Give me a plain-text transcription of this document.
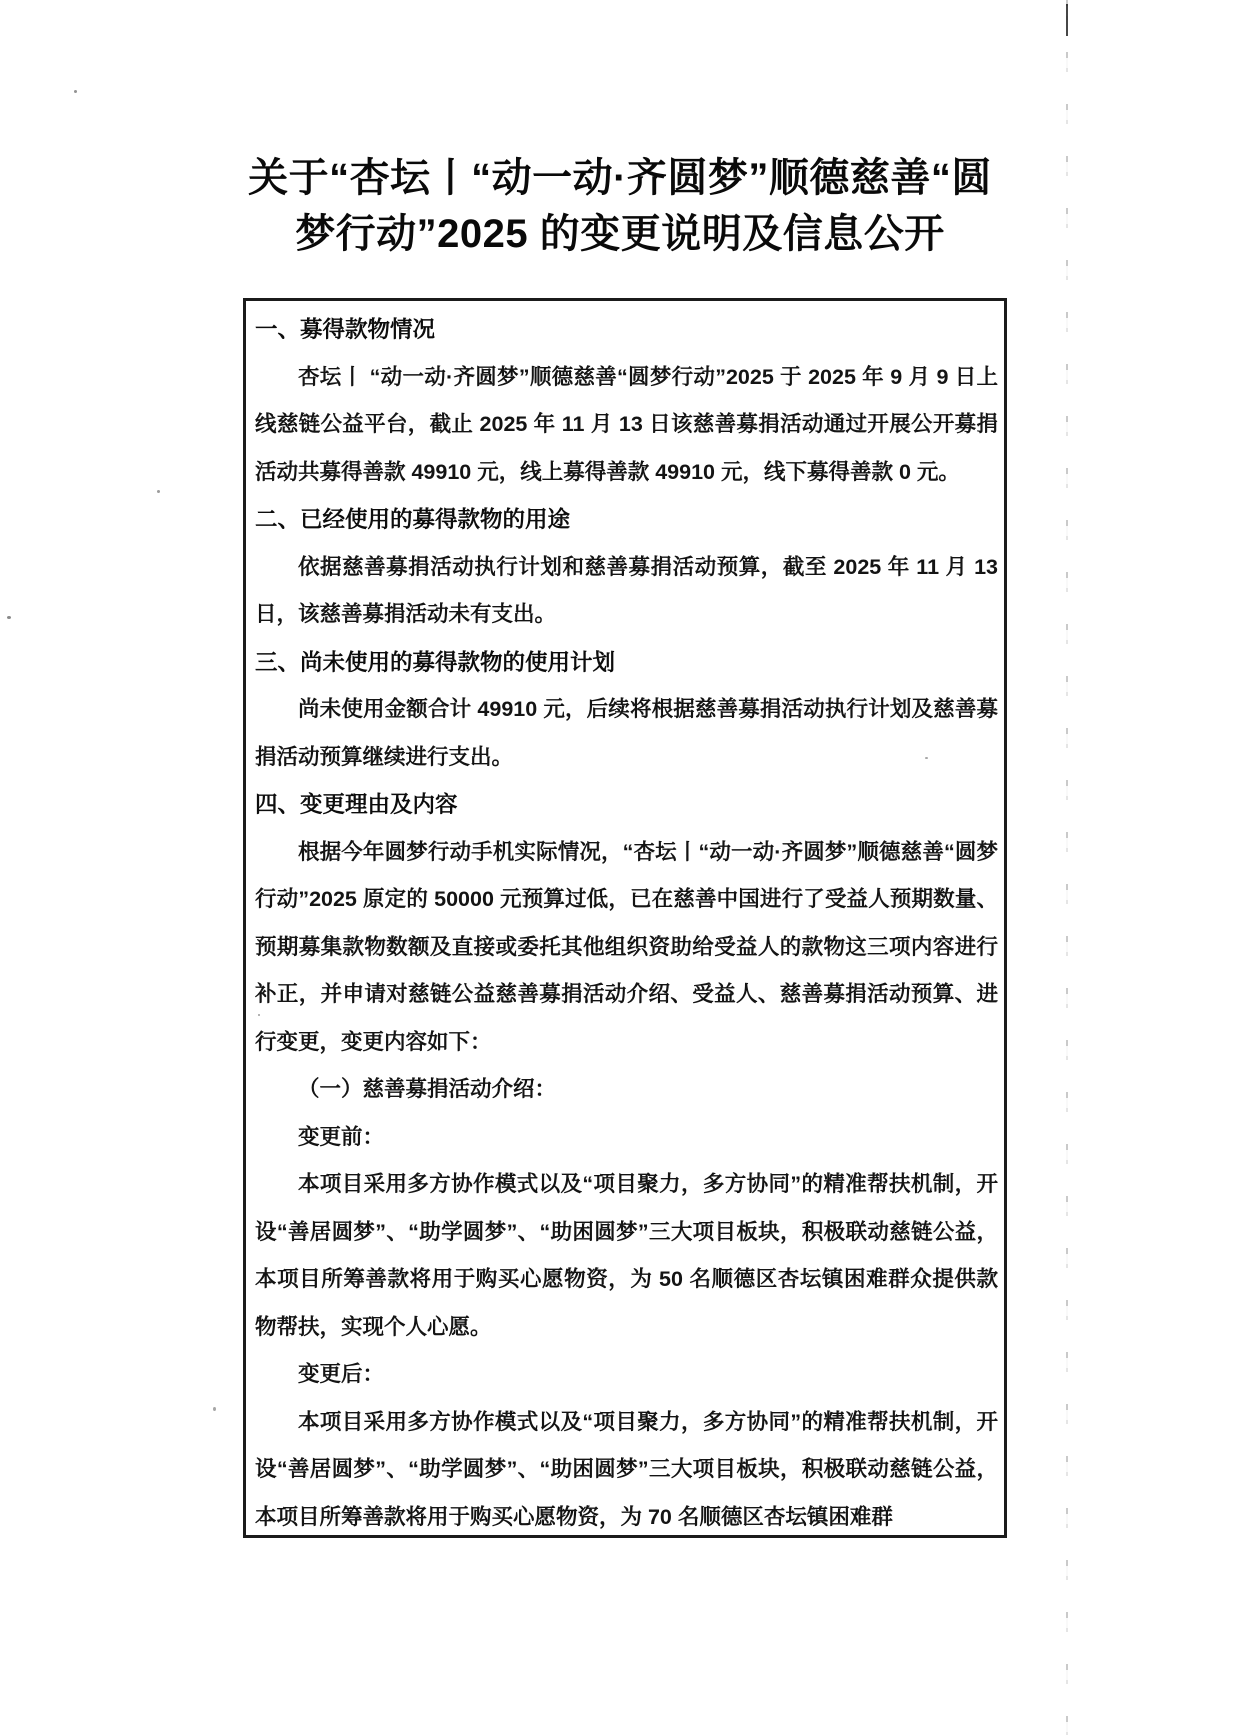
关于“杏坛丨“动一动·齐圆梦”顺德慈善“圆
梦行动”2025 的变更说明及信息公开
一、募得款物情况

杏坛丨 “动一动·齐圆梦”顺德慈善“圆梦行动”2025 于 2025 年 9 月 9 日上线慈链公益平台，截止 2025 年 11 月 13 日该慈善募捐活动通过开展公开募捐活动共募得善款 49910 元，线上募得善款 49910 元，线下募得善款 0 元。

二、已经使用的募得款物的用途

依据慈善募捐活动执行计划和慈善募捐活动预算，截至 2025 年 11 月 13 日，该慈善募捐活动未有支出。

三、尚未使用的募得款物的使用计划

尚未使用金额合计 49910 元，后续将根据慈善募捐活动执行计划及慈善募捐活动预算继续进行支出。

四、变更理由及内容

根据今年圆梦行动手机实际情况，“杏坛丨“动一动·齐圆梦”顺德慈善“圆梦行动”2025 原定的 50000 元预算过低，已在慈善中国进行了受益人预期数量、预期募集款物数额及直接或委托其他组织资助给受益人的款物这三项内容进行补正，并申请对慈链公益慈善募捐活动介绍、受益人、慈善募捐活动预算、进行变更，变更内容如下：

（一）慈善募捐活动介绍：

变更前：

本项目采用多方协作模式以及“项目聚力，多方协同”的精准帮扶机制，开设“善居圆梦”、“助学圆梦”、“助困圆梦”三大项目板块，积极联动慈链公益，本项目所筹善款将用于购买心愿物资，为 50 名顺德区杏坛镇困难群众提供款物帮扶，实现个人心愿。

变更后：

本项目采用多方协作模式以及“项目聚力，多方协同”的精准帮扶机制，开设“善居圆梦”、“助学圆梦”、“助困圆梦”三大项目板块，积极联动慈链公益，本项目所筹善款将用于购买心愿物资，为 70 名顺德区杏坛镇困难群
